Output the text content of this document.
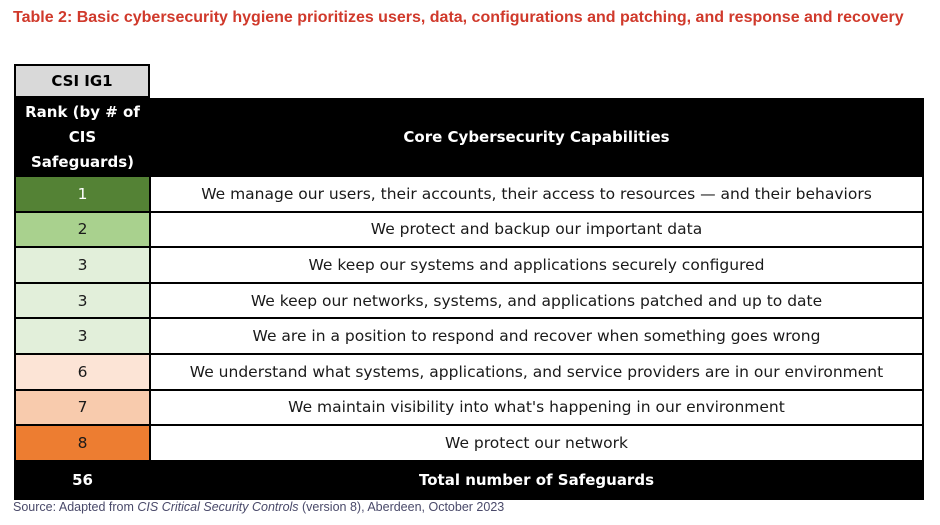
Table 2: Basic cybersecurity hygiene prioritizes users, data, configurations and patching, and response and recovery
CSI IG1
Rank (by # of CIS Safeguards)	Core Cybersecurity Capabilities
1	We manage our users, their accounts, their access to resources — and their behaviors
2	We protect and backup our important data
3	We keep our systems and applications securely configured
3	We keep our networks, systems, and applications patched and up to date
3	We are in a position to respond and recover when something goes wrong
6	We understand what systems, applications, and service providers are in our environment
7	We maintain visibility into what's happening in our environment
8	We protect our network
56	Total number of Safeguards
Source: Adapted from CIS Critical Security Controls (version 8), Aberdeen, October 2023
